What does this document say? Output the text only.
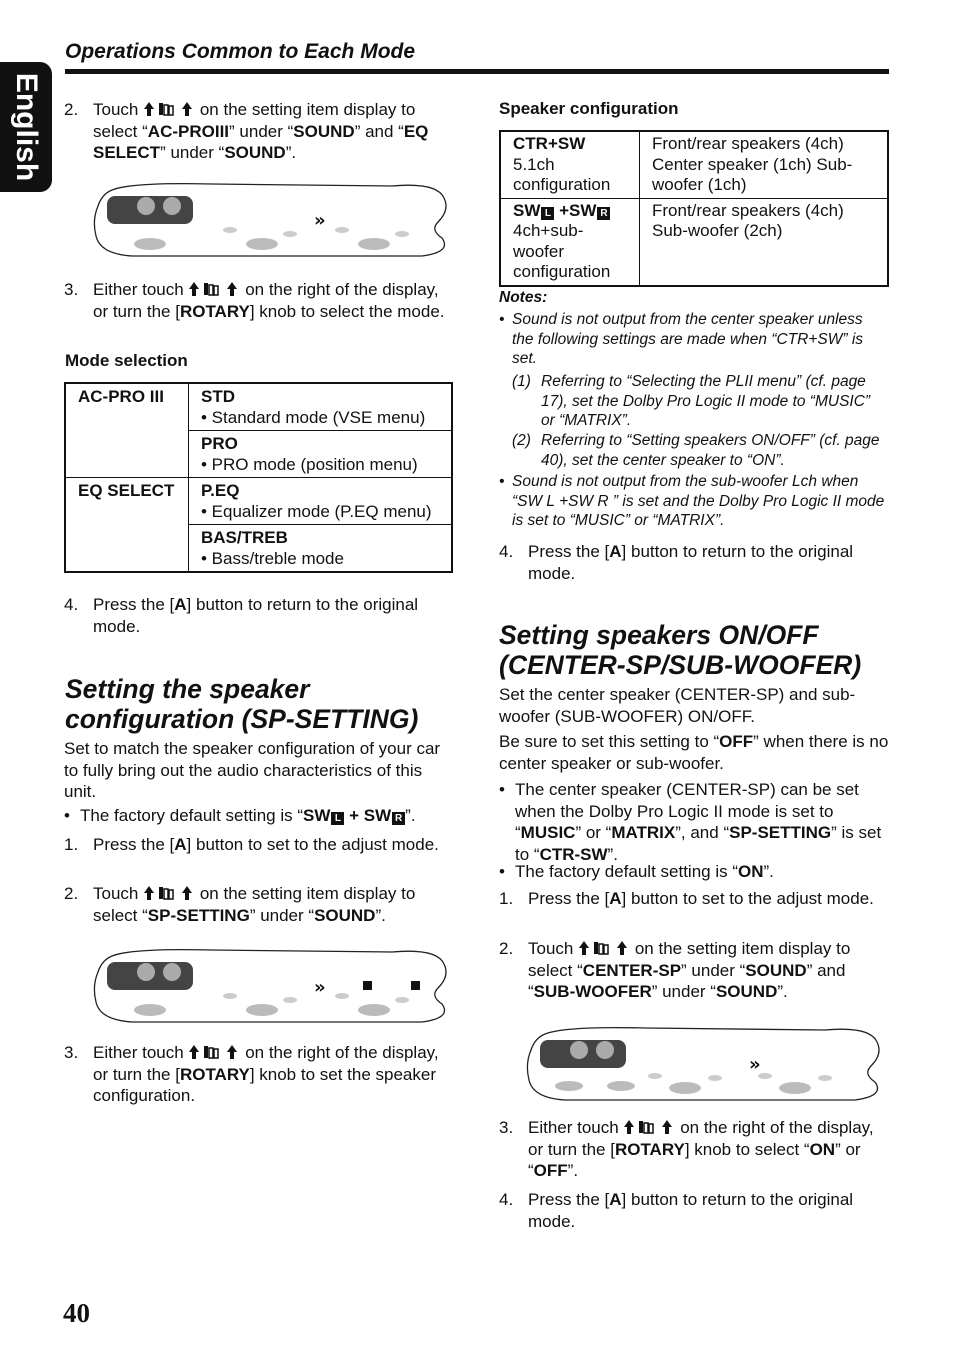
English
Operations Common to Each Mode
2. Touch	on the setting item display to select “AC-PROIII” under “SOUND” and “EQ SELECT” under “SOUND”.
»
3. Either touch	on the right of the display, or turn the [ROTARY] knob to select the mode.
Mode selection
AC-PRO III	STD
• Standard mode (VSE menu)
	PRO
• PRO mode (position menu)
EQ SELECT	P.EQ
• Equalizer mode (P.EQ menu)
	BAS/TREB
• Bass/treble mode
4. Press the [A] button to return to the original mode.
Setting the speaker
configuration (SP-SETTING)
Set to match the speaker configuration of your car to fully bring out the audio characteristics of this unit.
• The factory default setting is “SW L + SW R ”.
1. Press the [A] button to set to the adjust mode.
2. Touch	on the setting item display to select “SP-SETTING” under “SOUND”.
»
3. Either touch	on the right of the display, or turn the [ROTARY] knob to set the speaker configuration.
Speaker configuration
CTR+SW
5.1ch configuration	Front/rear speakers (4ch) Center speaker (1ch) Sub-woofer (1ch)
SW L +SW R
4ch+sub-woofer configuration	Front/rear speakers (4ch) Sub-woofer (2ch)
Notes:
• Sound is not output from the center speaker unless the following settings are made when “CTR+SW” is set.
(1) Referring to “Selecting the PLII menu” (cf. page 17), set the Dolby Pro Logic II mode to “MUSIC” or “MATRIX”.
(2) Referring to “Setting speakers ON/OFF” (cf. page 40), set the center speaker to “ON”.
• Sound is not output from the sub-woofer Lch when “SW L +SW R ” is set and the Dolby Pro Logic II mode is set to “MUSIC” or “MATRIX”.
4. Press the [A] button to return to the original mode.
Setting speakers ON/OFF
(CENTER-SP/SUB-WOOFER)
Set the center speaker (CENTER-SP) and sub-woofer (SUB-WOOFER) ON/OFF.
Be sure to set this setting to “OFF” when there is no center speaker or sub-woofer.
• The center speaker (CENTER-SP) can be set when the Dolby Pro Logic II mode is set to “MUSIC” or “MATRIX”, and “SP-SETTING” is set to “CTR-SW”.
• The factory default setting is “ON”.
1. Press the [A] button to set to the adjust mode.
2. Touch	on the setting item display to select “CENTER-SP” under “SOUND” and “SUB-WOOFER” under “SOUND”.
»
3. Either touch	on the right of the display, or turn the [ROTARY] knob to select “ON” or “OFF”.
4. Press the [A] button to return to the original mode.
40
